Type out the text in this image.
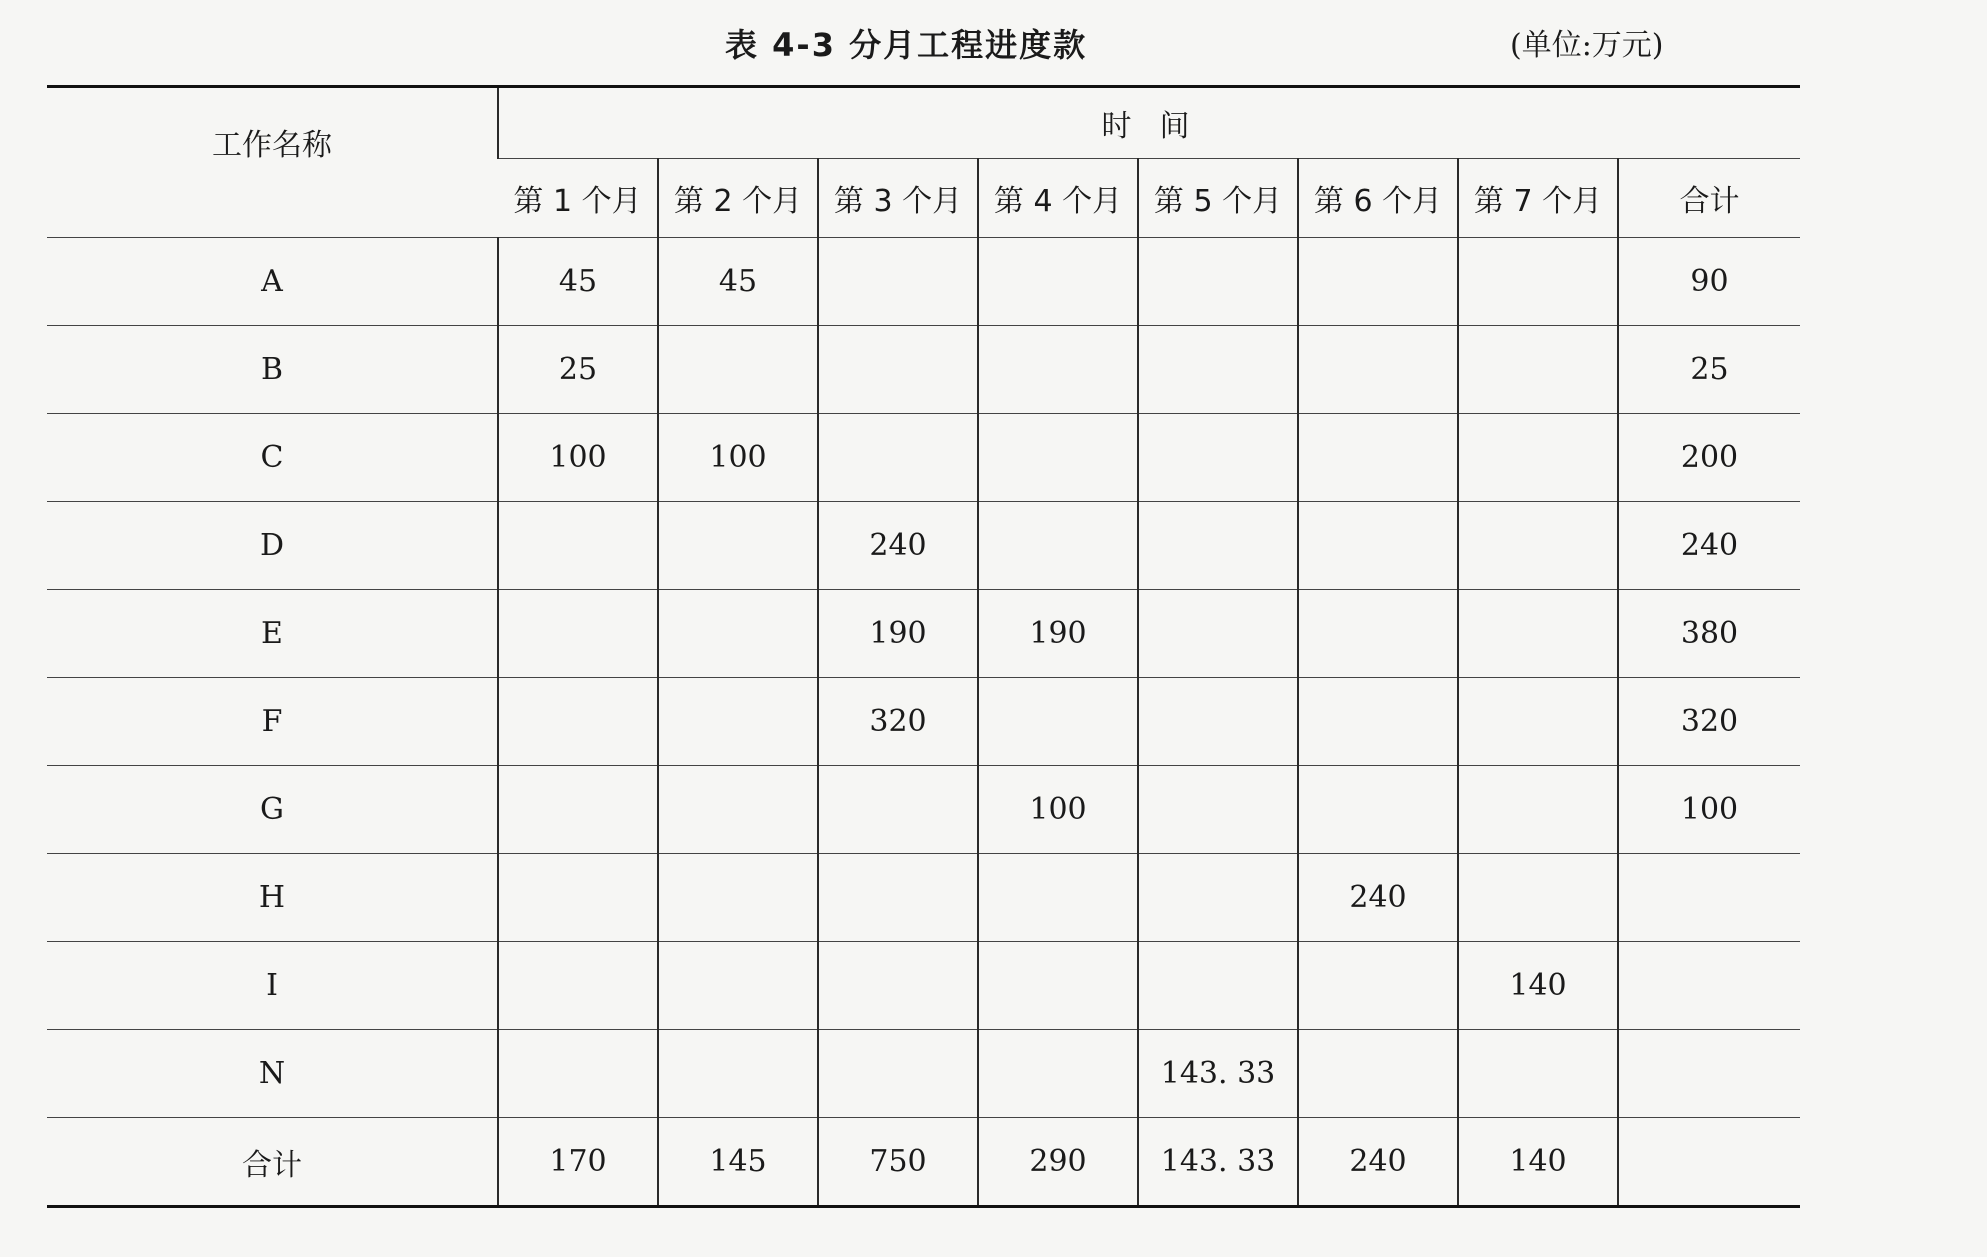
表 4-3 分月工程进度款	(单位:万元)
工作名称	时间							
	第 1 个月	第 2 个月	第 3 个月	第 4 个月	第 5 个月	第 6 个月	第 7 个月	合计
A	45	45						90
B	25							25
C	100	100						200
D			240					240
E			190	190				380
F			320					320
G				100				100
H						240		
I							140	
N					143. 33			
合计	170	145	750	290	143. 33	240	140	
